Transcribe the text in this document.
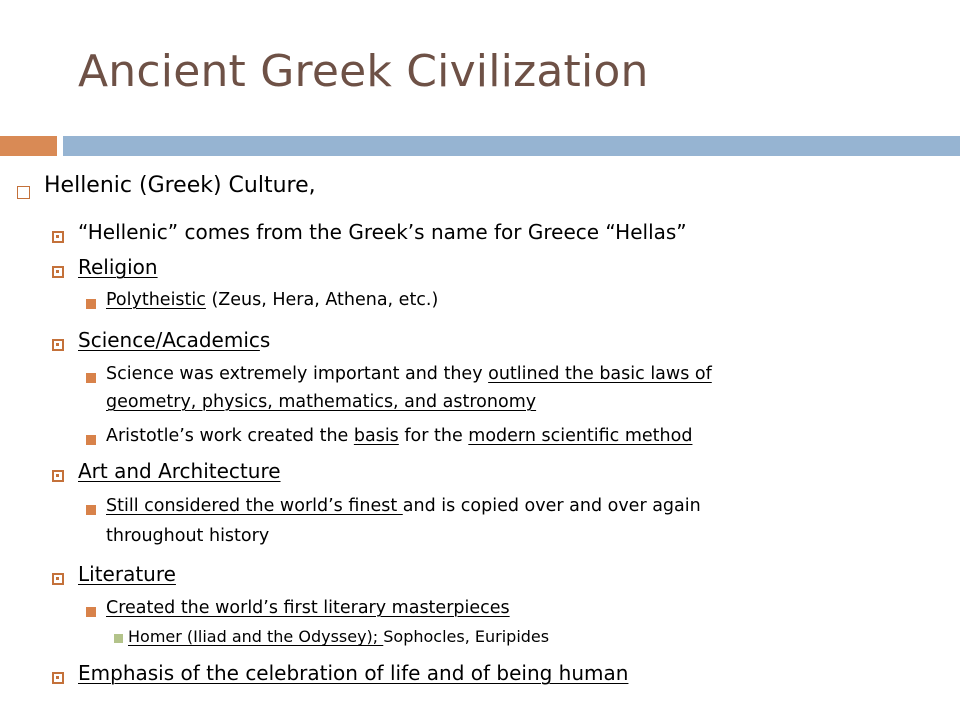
Ancient Greek Civilization
Hellenic (Greek) Culture,
“Hellenic” comes from the Greek’s name for Greece “Hellas”
Religion
Polytheistic (Zeus, Hera, Athena, etc.)
Science/Academics
Science was extremely important and they outlined the basic laws of
geometry, physics, mathematics, and astronomy
Aristotle’s work created the basis for the modern scientific method
Art and Architecture
Still considered the world’s finest and is copied over and over again
throughout history
Literature
Created the world’s first literary masterpieces
Homer (Iliad and the Odyssey); Sophocles, Euripides
Emphasis of the celebration of life and of being human
